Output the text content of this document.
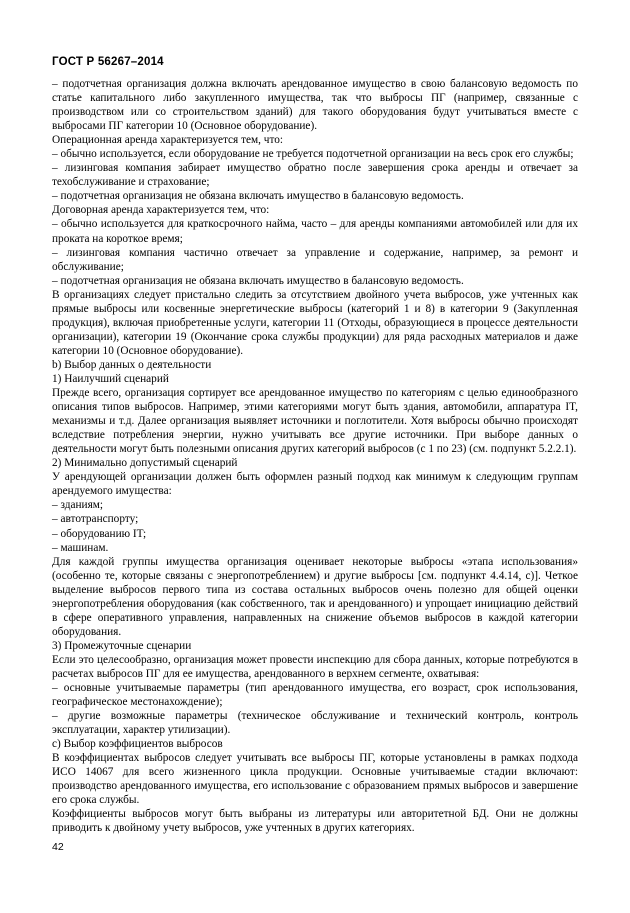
ГОСТ Р 56267–2014

– подотчетная организация должна включать арендованное имущество в свою балансовую ведомость по статье капитального либо закупленного имущества, так что выбросы ПГ (например, связанные с производством или со строительством зданий) для такого оборудования будут учитываться вместе с выбросами ПГ категории 10 (Основное оборудование).

Операционная аренда характеризуется тем, что:

– обычно используется, если оборудование не требуется подотчетной организации на весь срок его службы;

– лизинговая компания забирает имущество обратно после завершения срока аренды и отвечает за техобслуживание и страхование;

– подотчетная организация не обязана включать имущество в балансовую ведомость.

Договорная аренда характеризуется тем, что:

– обычно используется для краткосрочного найма, часто – для аренды компаниями автомобилей или для их проката на короткое время;

– лизинговая компания частично отвечает за управление и содержание, например, за ремонт и обслуживание;

– подотчетная организация не обязана включать имущество в балансовую ведомость.

В организациях следует пристально следить за отсутствием двойного учета выбросов, уже учтенных как прямые выбросы или косвенные энергетические выбросы (категорий 1 и 8) в категории 9 (Закупленная продукция), включая приобретенные услуги, категории 11 (Отходы, образующиеся в процессе деятельности организации), категории 19 (Окончание срока службы продукции) для ряда расходных материалов и даже категории 10 (Основное оборудование).

b) Выбор данных о деятельности

1) Наилучший сценарий

Прежде всего, организация сортирует все арендованное имущество по категориям с целью единообразного описания типов выбросов. Например, этими категориями могут быть здания, автомобили, аппаратура IT, механизмы и т.д. Далее организация выявляет источники и поглотители. Хотя выбросы обычно происходят вследствие потребления энергии, нужно учитывать все другие источники. При выборе данных о деятельности могут быть полезными описания других категорий выбросов (с 1 по 23) (см. подпункт 5.2.2.1).

2) Минимально допустимый сценарий

У арендующей организации должен быть оформлен разный подход как минимум к следующим группам арендуемого имущества:

– зданиям;

– автотранспорту;

– оборудованию IT;

– машинам.

Для каждой группы имущества организация оценивает некоторые выбросы «этапа использования» (особенно те, которые связаны с энергопотреблением) и другие выбросы [см. подпункт 4.4.14, с)]. Четкое выделение выбросов первого типа из состава остальных выбросов очень полезно для общей оценки энергопотребления оборудования (как собственного, так и арендованного) и упрощает инициацию действий в сфере оперативного управления, направленных на снижение объемов выбросов в каждой категории оборудования.

3) Промежуточные сценарии

Если это целесообразно, организация может провести инспекцию для сбора данных, которые потребуются в расчетах выбросов ПГ для ее имущества, арендованного в верхнем сегменте, охватывая:

– основные учитываемые параметры (тип арендованного имущества, его возраст, срок использования, географическое местонахождение);

– другие возможные параметры (техническое обслуживание и технический контроль, контроль эксплуатации, характер утилизации).

c) Выбор коэффициентов выбросов

В коэффициентах выбросов следует учитывать все выбросы ПГ, которые установлены в рамках подхода ИСО 14067 для всего жизненного цикла продукции. Основные учитываемые стадии включают: производство арендованного имущества, его использование с образованием прямых выбросов и завершение его срока службы.

Коэффициенты выбросов могут быть выбраны из литературы или авторитетной БД. Они не должны приводить к двойному учету выбросов, уже учтенных в других категориях.

42
